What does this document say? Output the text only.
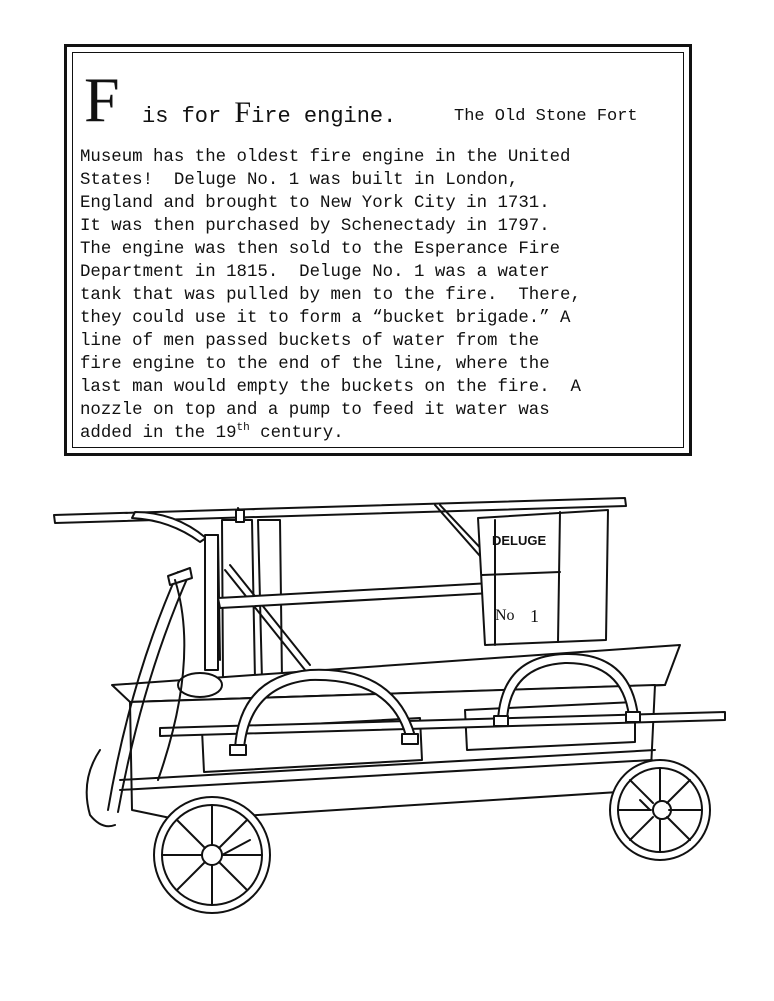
F is for Fire engine.	The Old Stone Fort
Museum has the oldest fire engine in the United
States!  Deluge No. 1 was built in London,
England and brought to New York City in 1731.
It was then purchased by Schenectady in 1797.
The engine was then sold to the Esperance Fire
Department in 1815.  Deluge No. 1 was a water
tank that was pulled by men to the fire.  There,
they could use it to form a “bucket brigade.” A
line of men passed buckets of water from the
fire engine to the end of the line, where the
last man would empty the buckets on the fire.  A
nozzle on top and a pump to feed it water was
added in the 19th century.
DELUGE
No 1
